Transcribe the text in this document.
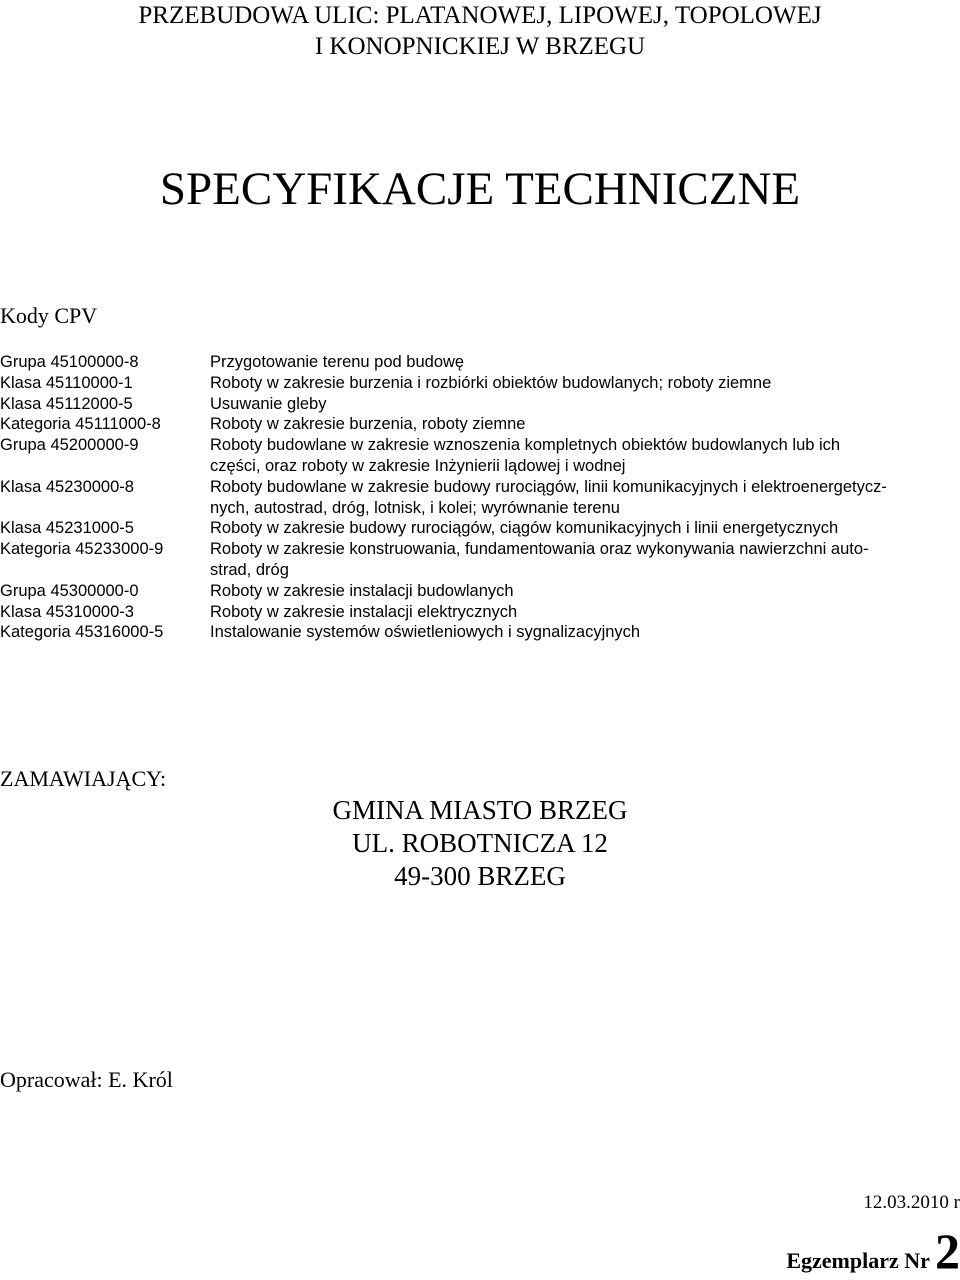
PRZEBUDOWA ULIC: PLATANOWEJ, LIPOWEJ, TOPOLOWEJ
I KONOPNICKIEJ W BRZEGU
SPECYFIKACJE TECHNICZNE
Kody CPV
Grupa 45100000-8	Przygotowanie terenu pod budowę
Klasa 45110000-1	Roboty w zakresie burzenia i rozbiórki obiektów budowlanych; roboty ziemne
Klasa 45112000-5	Usuwanie gleby
Kategoria 45111000-8	Roboty w zakresie burzenia, roboty ziemne
Grupa 45200000-9	Roboty budowlane w zakresie wznoszenia kompletnych obiektów budowlanych lub ich
części, oraz roboty w zakresie Inżynierii lądowej i wodnej
Klasa 45230000-8	Roboty budowlane w zakresie budowy rurociągów, linii komunikacyjnych i elektroenergetycz-
nych, autostrad, dróg, lotnisk, i kolei; wyrównanie terenu
Klasa 45231000-5	Roboty w zakresie budowy rurociągów, ciągów komunikacyjnych i linii energetycznych
Kategoria 45233000-9	Roboty w zakresie konstruowania, fundamentowania oraz wykonywania nawierzchni auto-
strad, dróg
Grupa 45300000-0	Roboty w zakresie instalacji budowlanych
Klasa 45310000-3	Roboty w zakresie instalacji elektrycznych
Kategoria 45316000-5	Instalowanie systemów oświetleniowych i sygnalizacyjnych
ZAMAWIAJĄCY:
GMINA MIASTO BRZEG
UL. ROBOTNICZA 12
49-300 BRZEG
Opracował: E. Król
12.03.2010 r
Egzemplarz Nr 2
